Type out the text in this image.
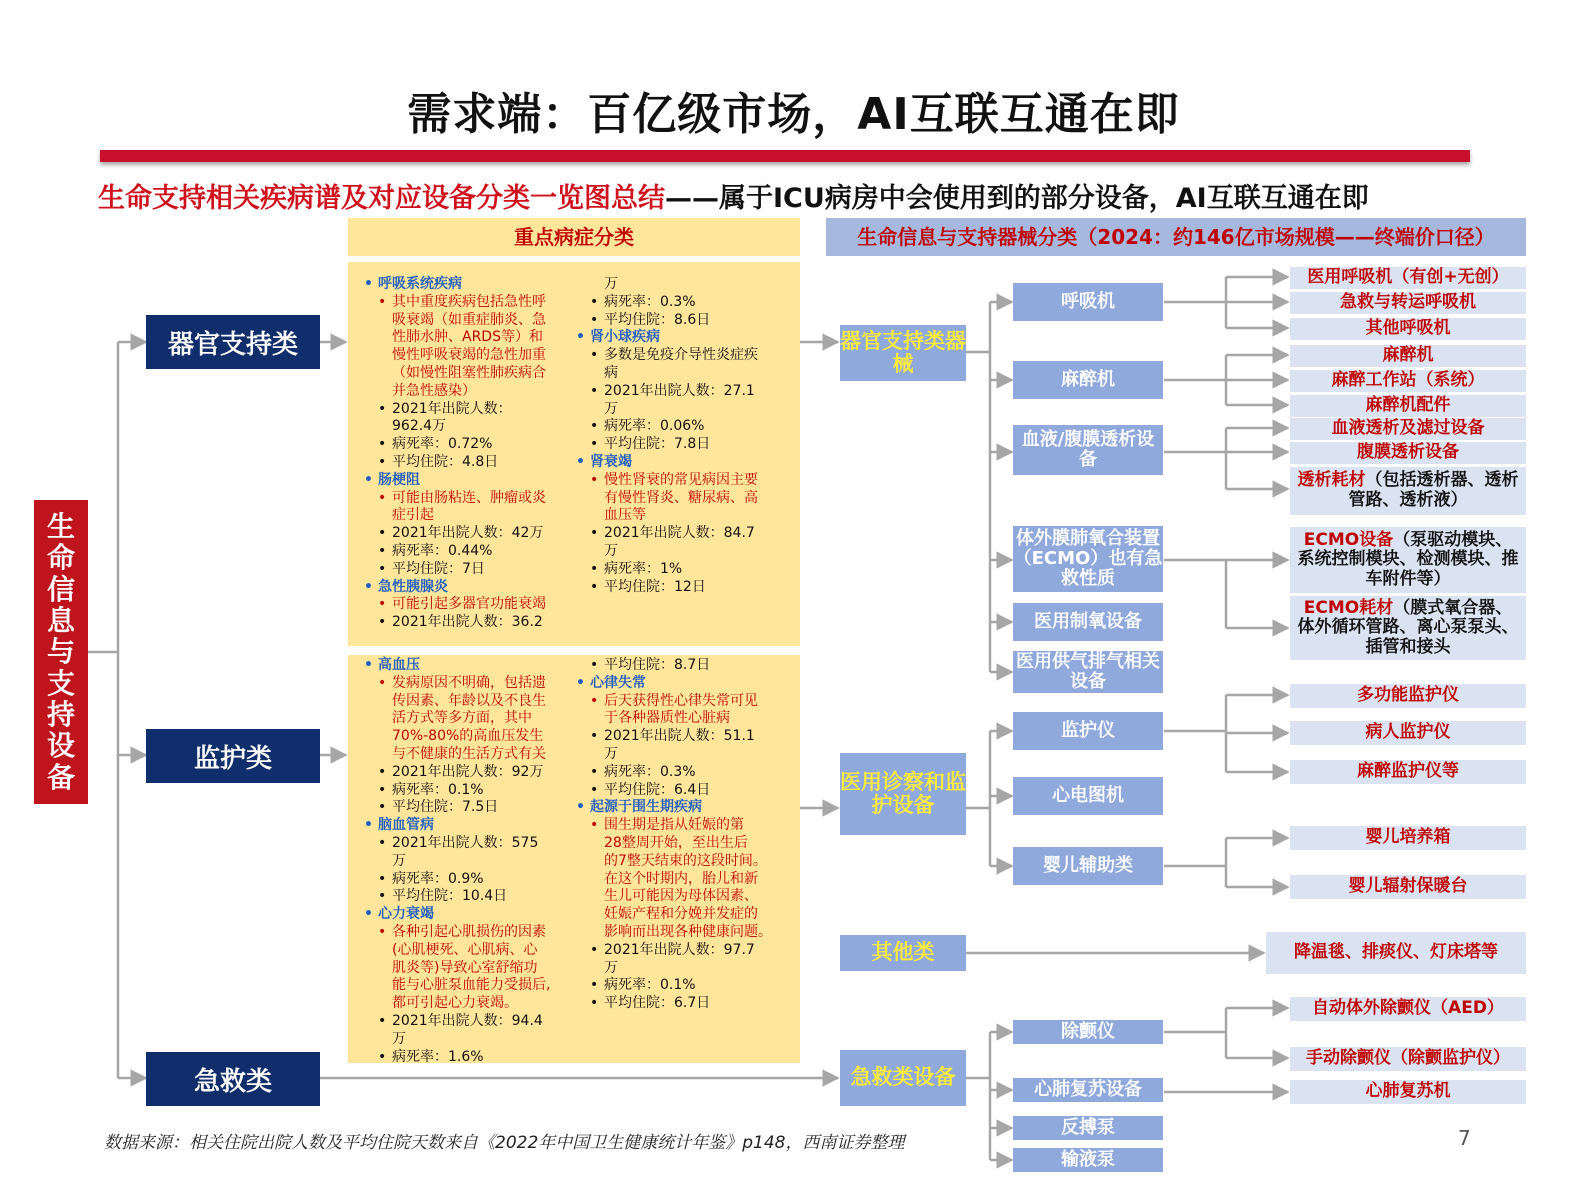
需求端：百亿级市场，AI互联互通在即
生命支持相关疾病谱及对应设备分类一览图总结——属于ICU病房中会使用到的部分设备，AI互联互通在即
重点病症分类	生命信息与支持器械分类（2024：约146亿市场规模——终端价口径）
生
命
信
息
与
支
持
设
备
器官支持类
监护类
急救类
• 呼吸系统疾病
• 其中重度疾病包括急性呼
吸衰竭（如重症肺炎、急
性肺水肿、ARDS等）和
慢性呼吸衰竭的急性加重
（如慢性阻塞性肺疾病合
并急性感染）
• 2021年出院人数：
962.4万
• 病死率：0.72%
• 平均住院：4.8日
• 肠梗阻
• 可能由肠粘连、肿瘤或炎
症引起
• 2021年出院人数：42万
• 病死率：0.44%
• 平均住院：7日
• 急性胰腺炎
• 可能引起多器官功能衰竭
• 2021年出院人数：36.2
万
• 病死率：0.3%
• 平均住院：8.6日
• 肾小球疾病
• 多数是免疫介导性炎症疾
病
• 2021年出院人数：27.1
万
• 病死率：0.06%
• 平均住院：7.8日
• 肾衰竭
• 慢性肾衰的常见病因主要
有慢性肾炎、糖尿病、高
血压等
• 2021年出院人数：84.7
万
• 病死率：1%
• 平均住院：12日
• 高血压
• 发病原因不明确，包括遗
传因素、年龄以及不良生
活方式等多方面，其中
70%-80%的高血压发生
与不健康的生活方式有关
• 2021年出院人数：92万
• 病死率：0.1%
• 平均住院：7.5日
• 脑血管病
• 2021年出院人数：575
万
• 病死率：0.9%
• 平均住院：10.4日
• 心力衰竭
• 各种引起心肌损伤的因素
(心肌梗死、心肌病、心
肌炎等)导致心室舒缩功
能与心脏泵血能力受损后,
都可引起心力衰竭。
• 2021年出院人数：94.4
万
• 病死率：1.6%
• 平均住院：8.7日
• 心律失常
• 后天获得性心律失常可见
于各种器质性心脏病
• 2021年出院人数：51.1
万
• 病死率：0.3%
• 平均住院：6.4日
• 起源于围生期疾病
• 围生期是指从妊娠的第
28整周开始，至出生后
的7整天结束的这段时间。
在这个时期内，胎儿和新
生儿可能因为母体因素、
妊娠产程和分娩并发症的
影响而出现各种健康问题。
• 2021年出院人数：97.7
万
• 病死率：0.1%
• 平均住院：6.7日
器官支持类器械
医用诊察和监护设备
其他类
急救类设备
呼吸机
麻醉机
血液/腹膜透析设备
体外膜肺氧合装置（ECMO）也有急救性质
医用制氧设备
医用供气排气相关设备
监护仪
心电图机
婴儿辅助类
除颤仪
心肺复苏设备
反搏泵
输液泵
医用呼吸机（有创+无创）
急救与转运呼吸机
其他呼吸机
麻醉机
麻醉工作站（系统）
麻醉机配件
血液透析及滤过设备
腹膜透析设备
透析耗材（包括透析器、透析管路、透析液）
ECMO设备（泵驱动模块、系统控制模块、检测模块、推车附件等）
ECMO耗材（膜式氧合器、体外循环管路、离心泵泵头、插管和接头
多功能监护仪
病人监护仪
麻醉监护仪等
婴儿培养箱
婴儿辐射保暖台
降温毯、排痰仪、灯床塔等
自动体外除颤仪（AED）
手动除颤仪（除颤监护仪）
心肺复苏机
数据来源：相关住院出院人数及平均住院天数来自《2022年中国卫生健康统计年鉴》p148，西南证券整理	7
